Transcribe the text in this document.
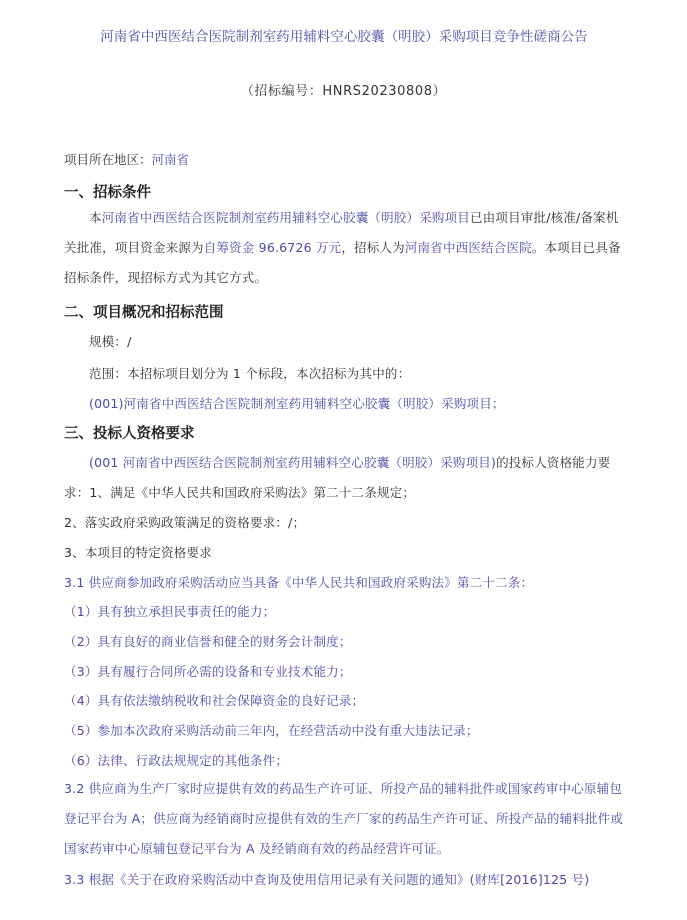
河南省中西医结合医院制剂室药用辅料空心胶囊（明胶）采购项目竞争性磋商公告
（招标编号：HNRS20230808）
项目所在地区：河南省
一、招标条件
本河南省中西医结合医院制剂室药用辅料空心胶囊（明胶）采购项目已由项目审批/核准/备案机关批准，项目资金来源为自筹资金 96.6726 万元，招标人为河南省中西医结合医院。本项目已具备招标条件，现招标方式为其它方式。
二、项目概况和招标范围
规模：/
范围：本招标项目划分为 1 个标段，本次招标为其中的：
(001)河南省中西医结合医院制剂室药用辅料空心胶囊（明胶）采购项目；
三、投标人资格要求
(001 河南省中西医结合医院制剂室药用辅料空心胶囊（明胶）采购项目)的投标人资格能力要求：1、满足《中华人民共和国政府采购法》第二十二条规定；
2、落实政府采购政策满足的资格要求：/；
3、本项目的特定资格要求
3.1 供应商参加政府采购活动应当具备《中华人民共和国政府采购法》第二十二条：
（1）具有独立承担民事责任的能力；
（2）具有良好的商业信誉和健全的财务会计制度；
（3）具有履行合同所必需的设备和专业技术能力；
（4）具有依法缴纳税收和社会保障资金的良好记录；
（5）参加本次政府采购活动前三年内，在经营活动中没有重大违法记录；
（6）法律、行政法规规定的其他条件；
3.2 供应商为生产厂家时应提供有效的药品生产许可证、所投产品的辅料批件或国家药审中心原辅包登记平台为 A；供应商为经销商时应提供有效的生产厂家的药品生产许可证、所投产品的辅料批件或国家药审中心原辅包登记平台为 A 及经销商有效的药品经营许可证。
3.3 根据《关于在政府采购活动中查询及使用信用记录有关问题的通知》(财库[2016]125 号)
